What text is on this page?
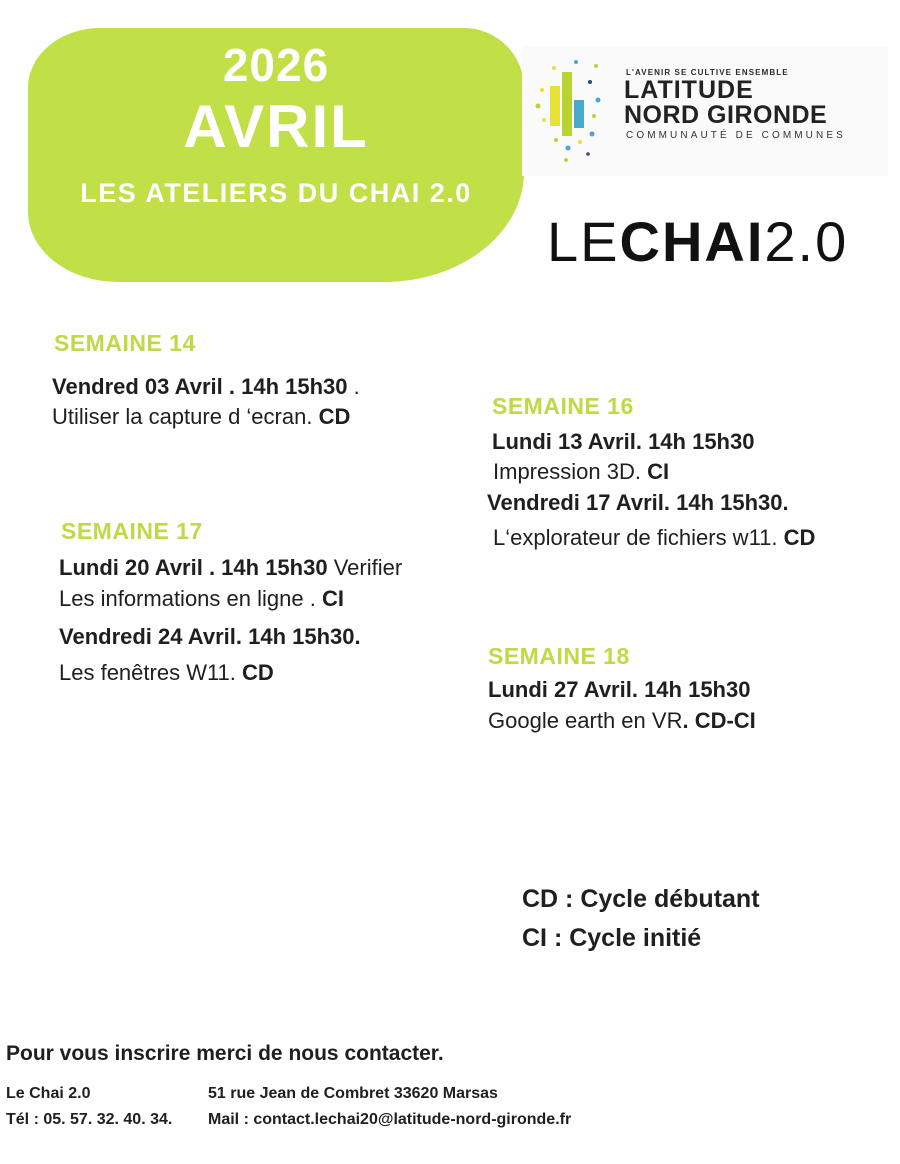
2026
AVRIL
LES ATELIERS DU CHAI 2.0
L'AVENIR SE CULTIVE ENSEMBLE
LATITUDE
NORD GIRONDE
COMMUNAUTÉ DE COMMUNES
LECHAI2.0
SEMAINE 14
Vendred 03 Avril . 14h 15h30 .
Utiliser la capture d ‘ecran. CD	SEMAINE 16
Lundi 13 Avril. 14h 15h30
Impression 3D. CI
Vendredi 17 Avril. 14h 15h30.
L‘explorateur de fichiers w11. CD
SEMAINE 17
Lundi 20 Avril . 14h 15h30 Verifier
Les informations en ligne . CI
Vendredi 24 Avril. 14h 15h30.
Les fenêtres W11. CD
SEMAINE 18
Lundi 27 Avril. 14h 15h30
Google earth en VR. CD-CI
CD : Cycle débutant
CI : Cycle initié
Pour vous inscrire merci de nous contacter.
Le Chai 2.0	51 rue Jean de Combret 33620 Marsas
Tél : 05. 57. 32. 40. 34. Mail : contact.lechai20@latitude-nord-gironde.fr
